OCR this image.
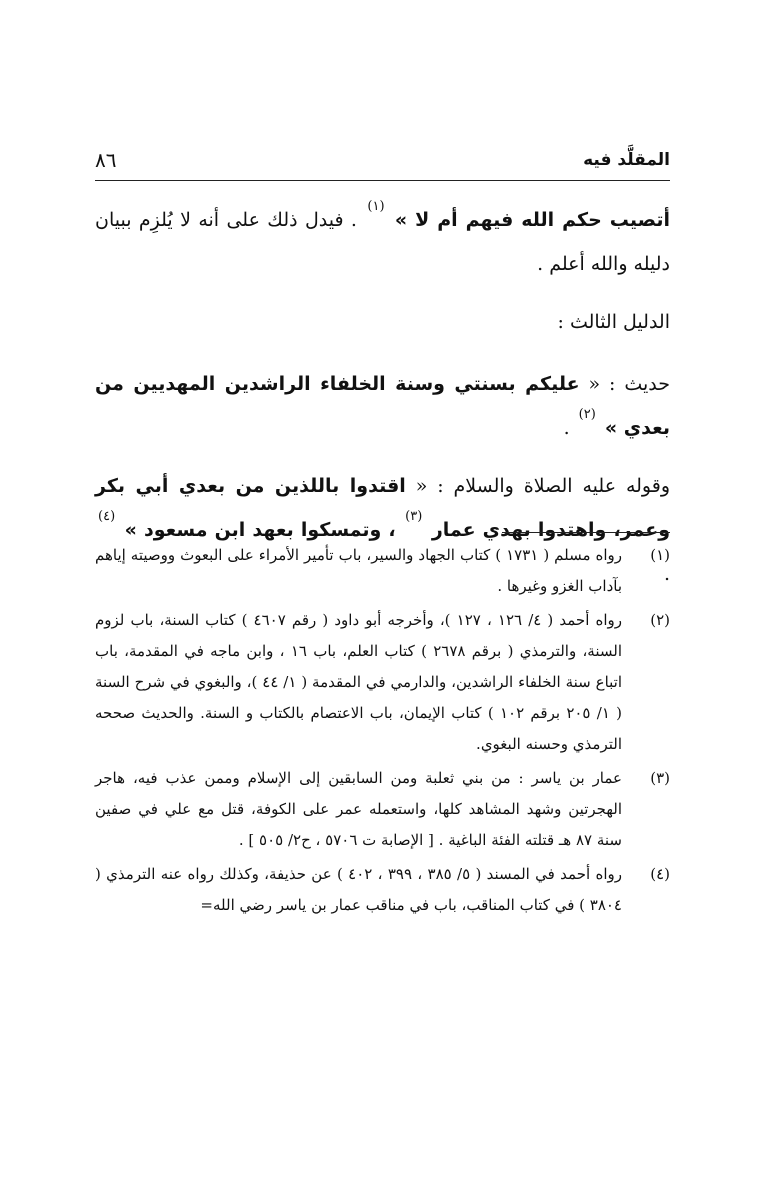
المقلَّد فيه
٨٦

أتصيب حكم الله فيهم أم لا » $^{(١)}$ . فيدل ذلك على أنه لا يُلزِم ببيان دليله والله أعلم .

الدليل الثالث :

حديث : « عليكم بسنتي وسنة الخلفاء الراشدين المهديين من بعدي » $^{(٢)}$ .

وقوله عليه الصلاة والسلام : « اقتدوا باللذين من بعدي أبي بكر وعمر، واهتدوا بهدي عمار $^{(٣)}$ ، وتمسكوا بعهد ابن مسعود » $^{(٤)}$ .

(١)
رواه مسلم ( ١٧٣١ ) كتاب الجهاد والسير، باب تأمير الأمراء على البعوث ووصيته إياهم بآداب الغزو وغيرها .
(٢)
رواه أحمد ( ٤/ ١٢٦ ، ١٢٧ )، وأخرجه أبو داود ( رقم ٤٦٠٧ ) كتاب السنة، باب لزوم السنة، والترمذي ( برقم ٢٦٧٨ ) كتاب العلم، باب ١٦ ، وابن ماجه في المقدمة، باب اتباع سنة الخلفاء الراشدين، والدارمي في المقدمة ( ١/ ٤٤ )، والبغوي في شرح السنة ( ١/ ٢٠٥ برقم ١٠٢ ) كتاب الإيمان، باب الاعتصام بالكتاب و السنة. والحديث صححه الترمذي وحسنه البغوي.
(٣)
عمار بن ياسر : من بني ثعلبة ومن السابقين إلى الإسلام وممن عذب فيه، هاجر الهجرتين وشهد المشاهد كلها، واستعمله عمر على الكوفة، قتل مع علي في صفين سنة ٨٧ هـ قتلته الفئة الباغية . [ الإصابة ت ٥٧٠٦ ، ح٢/ ٥٠٥ ] .
(٤)
رواه أحمد في المسند ( ٥/ ٣٨٥ ، ٣٩٩ ، ٤٠٢ ) عن حذيفة، وكذلك رواه عنه الترمذي ( ٣٨٠٤ ) في كتاب المناقب، باب في مناقب عمار بن ياسر رضي الله=
